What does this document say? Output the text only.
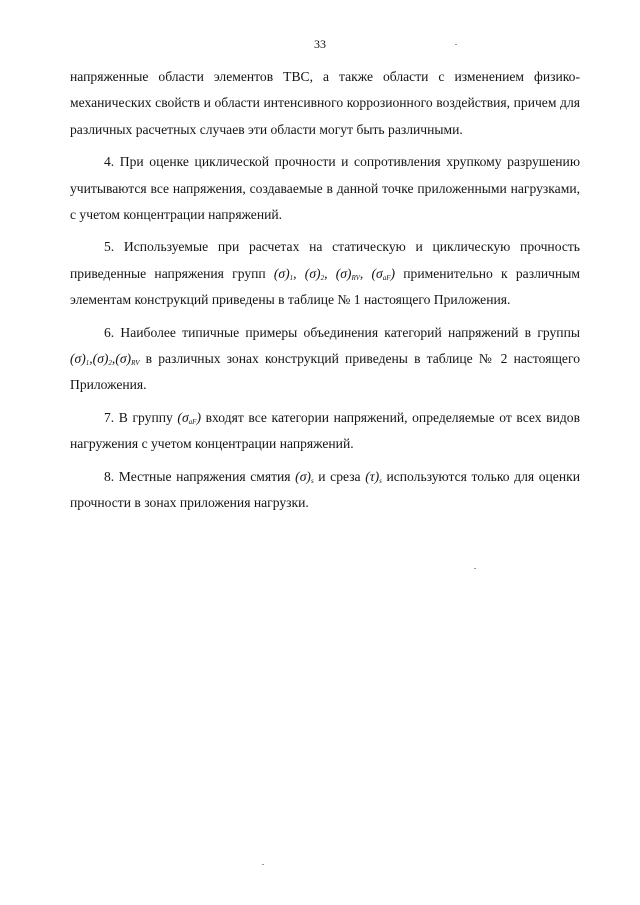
33

напряженные области элементов ТВС, а также области с изменением физико-механических свойств и области интенсивного коррозионного воздействия, причем для различных расчетных случаев эти области могут быть различными.

4. При оценке циклической прочности и сопротивления хрупкому разрушению учитываются все напряжения, создаваемые в данной точке приложенными нагрузками, с учетом концентрации напряжений.

5. Используемые при расчетах на статическую и циклическую прочность приведенные напряжения групп $(\sigma)_1$, $(\sigma)_2$, $(\sigma)_{RV}$, $(\sigma_{aF})$ применительно к различным элементам конструкций приведены в таблице № 1 настоящего Приложения.

6. Наиболее типичные примеры объединения категорий напряжений в группы $(\sigma)_1,(\sigma)_2,(\sigma)_{RV}$ в различных зонах конструкций приведены в таблице № 2 настоящего Приложения.

7. В группу $(\sigma_{aF})$ входят все категории напряжений, определяемые от всех видов нагружения с учетом концентрации напряжений.

8. Местные напряжения смятия $(\sigma)_s$ и среза $(\tau)_s$ используются только для оценки прочности в зонах приложения нагрузки.
